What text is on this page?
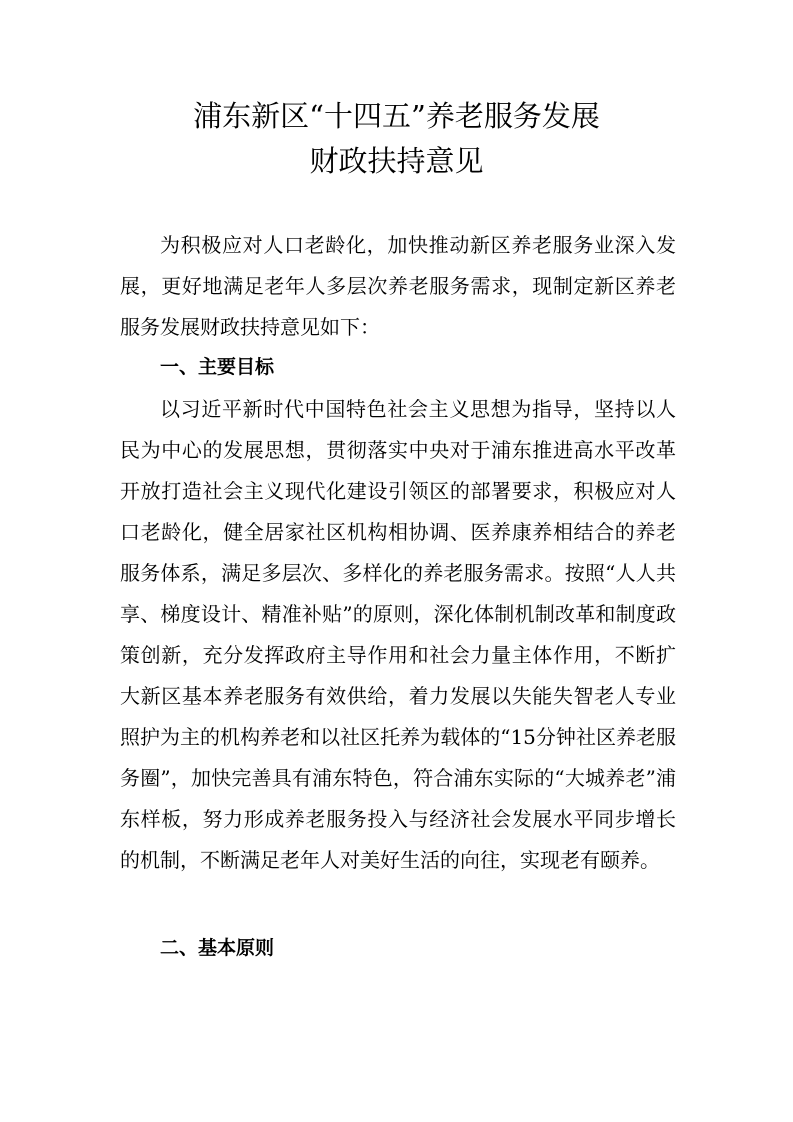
浦东新区“十四五”养老服务发展
财政扶持意见

为积极应对人口老龄化，加快推动新区养老服务业深入发展，更好地满足老年人多层次养老服务需求，现制定新区养老服务发展财政扶持意见如下：

一、主要目标

以习近平新时代中国特色社会主义思想为指导，坚持以人民为中心的发展思想，贯彻落实中央对于浦东推进高水平改革开放打造社会主义现代化建设引领区的部署要求，积极应对人口老龄化，健全居家社区机构相协调、医养康养相结合的养老服务体系，满足多层次、多样化的养老服务需求。按照“人人共享、梯度设计、精准补贴”的原则，深化体制机制改革和制度政策创新，充分发挥政府主导作用和社会力量主体作用，不断扩大新区基本养老服务有效供给，着力发展以失能失智老人专业照护为主的机构养老和以社区托养为载体的“15分钟社区养老服务圈”，加快完善具有浦东特色，符合浦东实际的“大城养老”浦东样板，努力形成养老服务投入与经济社会发展水平同步增长的机制，不断满足老年人对美好生活的向往，实现老有颐养。

二、基本原则
